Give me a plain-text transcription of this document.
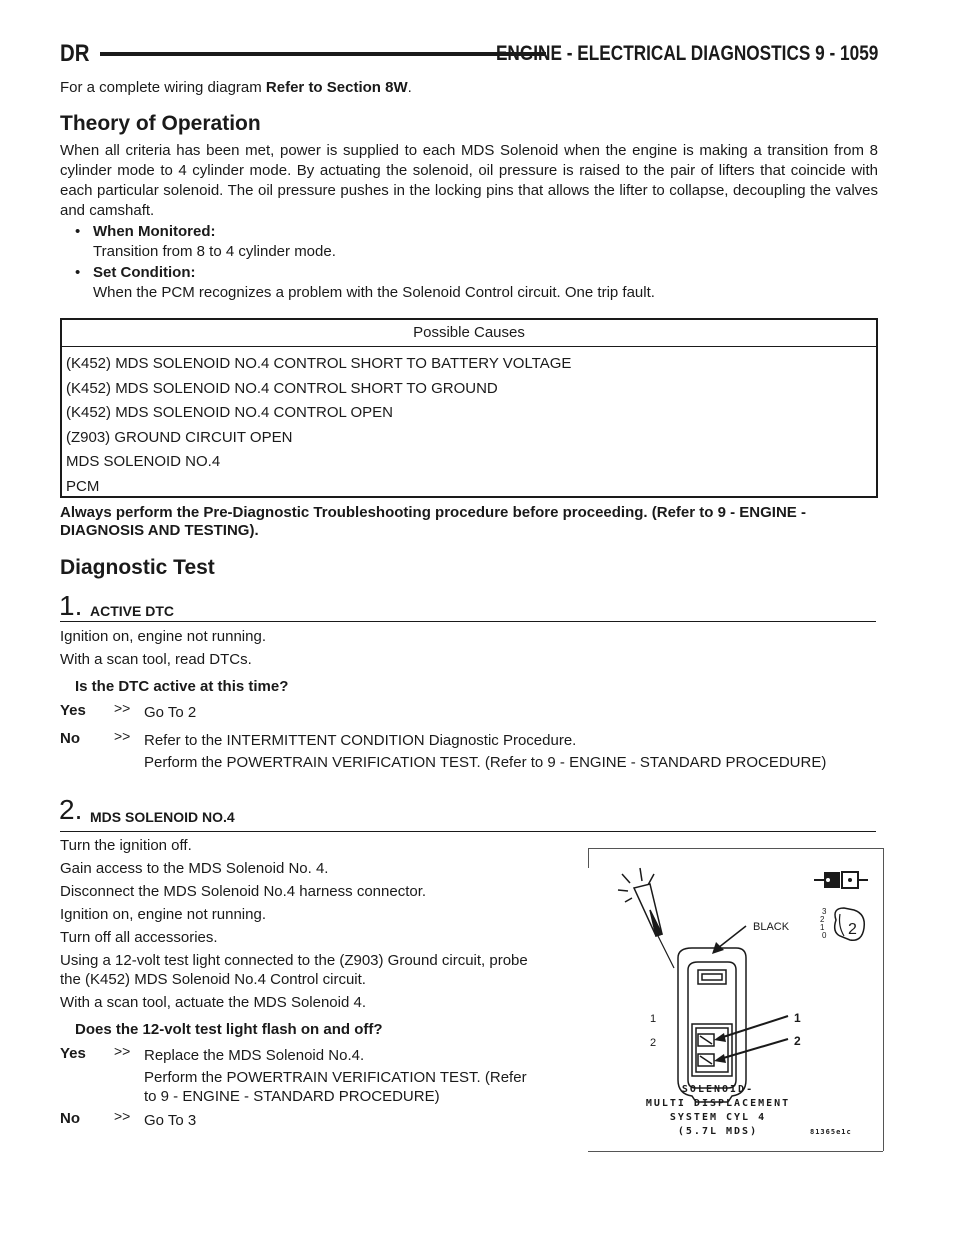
DR	ENGINE - ELECTRICAL DIAGNOSTICS 9 - 1059

For a complete wiring diagram Refer to Section 8W.

Theory of Operation

When all criteria has been met, power is supplied to each MDS Solenoid when the engine is making a transition from 8 cylinder mode to 4 cylinder mode. By actuating the solenoid, oil pressure is raised to the pair of lifters that coincide with each particular solenoid. The oil pressure pushes in the locking pins that allows the lifter to collapse, decoupling the valves and camshaft.

• When Monitored:
Transition from 8 to 4 cylinder mode.
• Set Condition:
When the PCM recognizes a problem with the Solenoid Control circuit. One trip fault.
Possible Causes
(K452) MDS SOLENOID NO.4 CONTROL SHORT TO BATTERY VOLTAGE
(K452) MDS SOLENOID NO.4 CONTROL SHORT TO GROUND
(K452) MDS SOLENOID NO.4 CONTROL OPEN
(Z903) GROUND CIRCUIT OPEN
MDS SOLENOID NO.4
PCM

Always perform the Pre-Diagnostic Troubleshooting procedure before proceeding. (Refer to 9 - ENGINE -

DIAGNOSIS AND TESTING).

Diagnostic Test
1. ACTIVE DTC

Ignition on, engine not running.

With a scan tool, read DTCs.

Is the DTC active at this time?

Yes >> Go To 2
No >> Refer to the INTERMITTENT CONDITION Diagnostic Procedure.
Perform the POWERTRAIN VERIFICATION TEST. (Refer to 9 - ENGINE - STANDARD PROCEDURE)
2. MDS SOLENOID NO.4

Turn the ignition off.

Gain access to the MDS Solenoid No. 4.

Disconnect the MDS Solenoid No.4 harness connector.

Ignition on, engine not running.

Turn off all accessories.

Using a 12-volt test light connected to the (Z903) Ground circuit, probe

the (K452) MDS Solenoid No.4 Control circuit.

With a scan tool, actuate the MDS Solenoid 4.

Does the 12-volt test light flash on and off?

Yes >> Replace the MDS Solenoid No.4.
Perform the POWERTRAIN VERIFICATION TEST. (Refer
to 9 - ENGINE - STANDARD PROCEDURE)
No >> Go To 3
BLACK
3
2
1
0 2
1
2
1
2
SOLENOID-
MULTI DISPLACEMENT
SYSTEM CYL 4
(5.7L MDS)	81365e1c
